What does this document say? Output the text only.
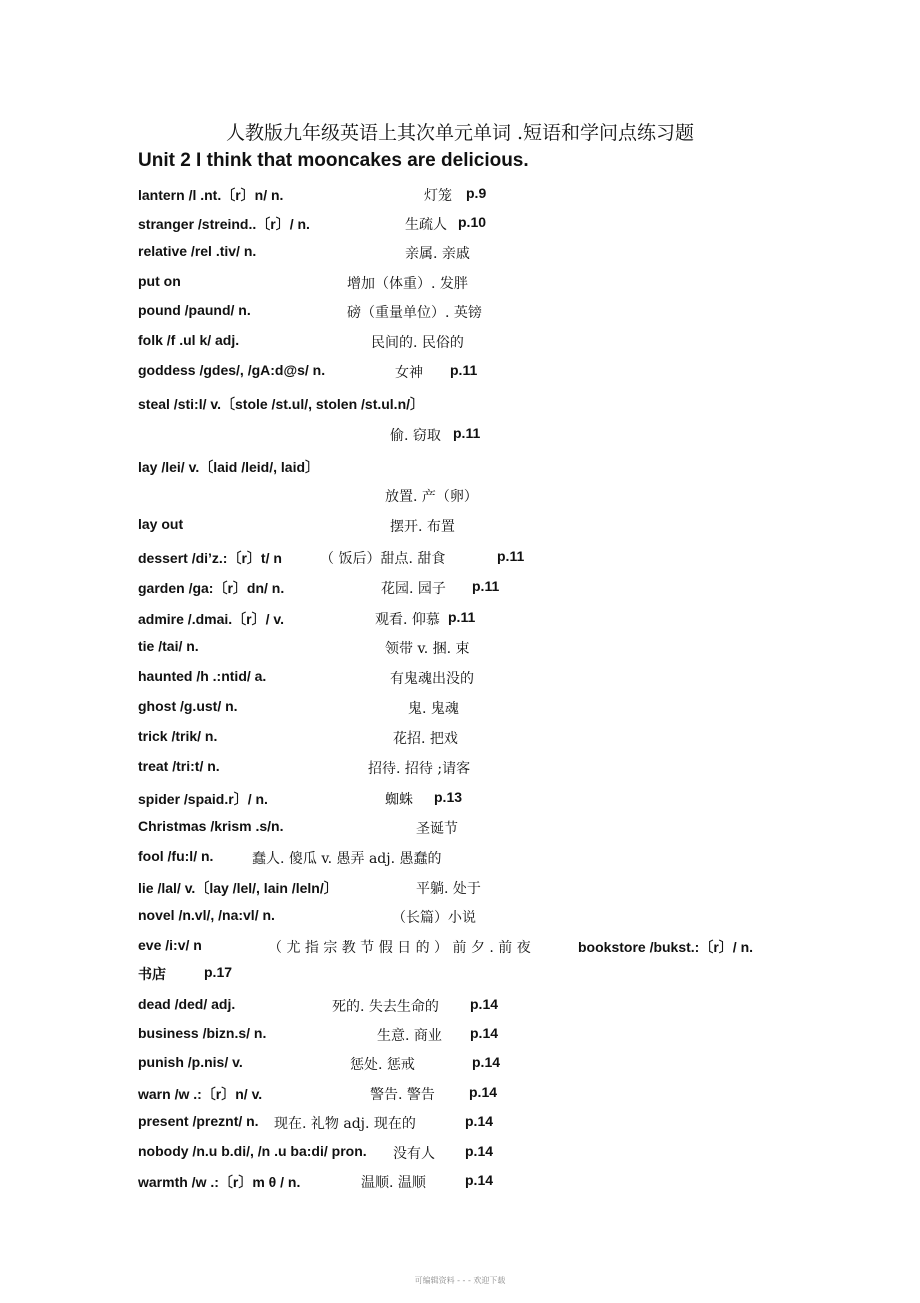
人教版九年级英语上其次单元单词 .短语和学问点练习题
Unit 2 I think that mooncakes are delicious.
lantern /l .nt.〔r〕n/ n.	灯笼 p.9
stranger /streind..〔r〕/ n.	生疏人 p.10
relative /rel .tiv/ n.	亲属. 亲戚
put on	增加（体重）. 发胖
pound /paund/ n.	磅（重量单位）. 英镑
folk /f .ul k/ adj.	民间的. 民俗的
goddess /gdes/, /gA:d@s/ n.	女神 p.11
steal /sti:l/ v.〔stole /st.ul/, stolen /st.ul.n/〕
偷. 窃取 p.11
lay /lei/ v.〔laid /leid/, laid〕
放置. 产（卵）
lay out	摆开. 布置
dessert /di’z.:〔r〕t/ n	（ 饭后）甜点. 甜食	p.11
garden /ga:〔r〕dn/ n.	花园. 园子 p.11
admire /.dmai.〔r〕/ v.	观看. 仰慕 p.11
tie /tai/ n.	领带 v. 捆. 束
haunted /h .:ntid/ a.	有鬼魂出没的
ghost /g.ust/ n.	鬼. 鬼魂
trick /trik/ n.	花招. 把戏
treat /tri:t/ n.	招待. 招待 ;请客
spider /spaid.r〕/ n.	蜘蛛 p.13
Christmas /krism .s/n.	圣诞节
fool /fu:l/ n.	蠢人. 傻瓜 v. 愚弄 adj. 愚蠢的
lie /lal/ v.〔lay /lel/, lain /leln/〕	平躺. 处于
novel /n.vl/, /na:vl/ n.	（长篇）小说
eve /i:v/ n	（ 尤 指 宗 教 节 假 日 的 ） 前 夕 . 前 夜	bookstore /bukst.:〔r〕/ n.
书店	p.17
dead /ded/ adj.	死的. 失去生命的 p.14
business /bizn.s/ n.	生意. 商业 p.14
punish /p.nis/ v.	惩处. 惩戒	p.14
warn /w .:〔r〕n/ v.	警告. 警告 p.14
present /preznt/ n. 现在. 礼物 adj. 现在的	p.14
nobody /n.u b.di/, /n .u ba:di/ pron. 没有人 p.14
warmth /w .:〔r〕m θ / n.	温顺. 温顺	p.14
可编辑资料 - - - 欢迎下载
